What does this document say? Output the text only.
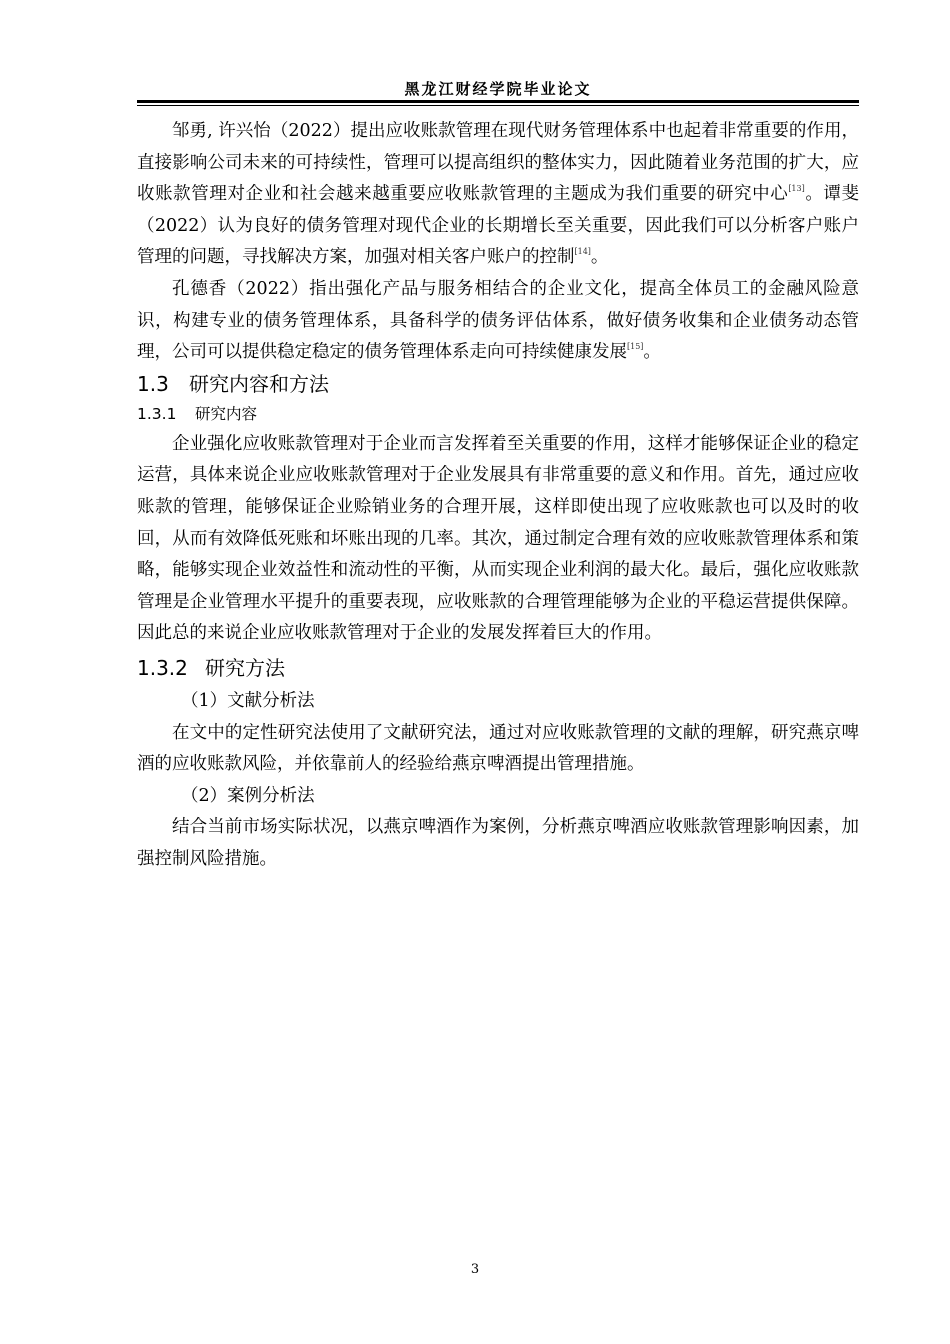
黑龙江财经学院毕业论文

邹勇, 许兴怡（2022）提出应收账款管理在现代财务管理体系中也起着非常重要的作用，直接影响公司未来的可持续性，管理可以提高组织的整体实力，因此随着业务范围的扩大，应收账款管理对企业和社会越来越重要应收账款管理的主题成为我们重要的研究中心[13]。谭斐（2022）认为良好的债务管理对现代企业的长期增长至关重要，因此我们可以分析客户账户管理的问题，寻找解决方案，加强对相关客户账户的控制[14]。

孔德香（2022）指出强化产品与服务相结合的企业文化，提高全体员工的金融风险意识，构建专业的债务管理体系，具备科学的债务评估体系，做好债务收集和企业债务动态管理，公司可以提供稳定稳定的债务管理体系走向可持续健康发展[15]。

1.3 研究内容和方法
1.3.1 研究内容

企业强化应收账款管理对于企业而言发挥着至关重要的作用，这样才能够保证企业的稳定运营，具体来说企业应收账款管理对于企业发展具有非常重要的意义和作用。首先，通过应收账款的管理，能够保证企业赊销业务的合理开展，这样即使出现了应收账款也可以及时的收回，从而有效降低死账和坏账出现的几率。其次，通过制定合理有效的应收账款管理体系和策略，能够实现企业效益性和流动性的平衡，从而实现企业利润的最大化。最后，强化应收账款管理是企业管理水平提升的重要表现，应收账款的合理管理能够为企业的平稳运营提供保障。因此总的来说企业应收账款管理对于企业的发展发挥着巨大的作用。

1.3.2 研究方法

（1）文献分析法

在文中的定性研究法使用了文献研究法，通过对应收账款管理的文献的理解，研究燕京啤酒的应收账款风险，并依靠前人的经验给燕京啤酒提出管理措施。

（2）案例分析法

结合当前市场实际状况，以燕京啤酒作为案例，分析燕京啤酒应收账款管理影响因素，加强控制风险措施。

3
